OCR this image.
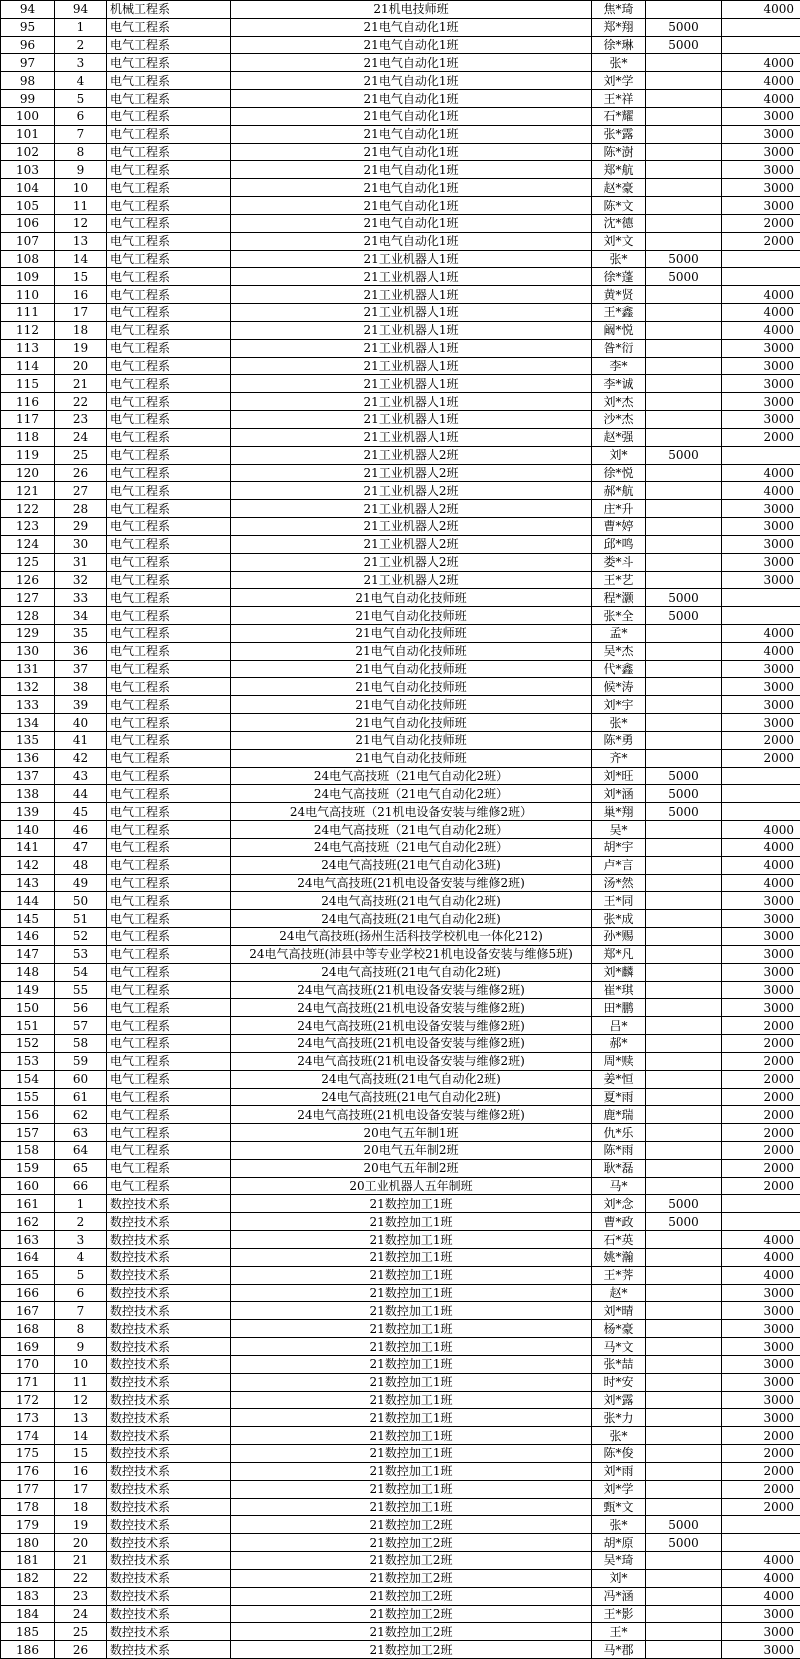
94	94	机械工程系	21机电技师班	焦*琦		4000
95	1	电气工程系	21电气自动化1班	郑*翔	5000	
96	2	电气工程系	21电气自动化1班	徐*琳	5000	
97	3	电气工程系	21电气自动化1班	张*		4000
98	4	电气工程系	21电气自动化1班	刘*学		4000
99	5	电气工程系	21电气自动化1班	王*祥		4000
100	6	电气工程系	21电气自动化1班	石*耀		3000
101	7	电气工程系	21电气自动化1班	张*露		3000
102	8	电气工程系	21电气自动化1班	陈*澍		3000
103	9	电气工程系	21电气自动化1班	郑*航		3000
104	10	电气工程系	21电气自动化1班	赵*豪		3000
105	11	电气工程系	21电气自动化1班	陈*文		3000
106	12	电气工程系	21电气自动化1班	沈*德		2000
107	13	电气工程系	21电气自动化1班	刘*文		2000
108	14	电气工程系	21工业机器人1班	张*	5000	
109	15	电气工程系	21工业机器人1班	徐*蓬	5000	
110	16	电气工程系	21工业机器人1班	黄*贤		4000
111	17	电气工程系	21工业机器人1班	王*鑫		4000
112	18	电气工程系	21工业机器人1班	阚*悦		4000
113	19	电气工程系	21工业机器人1班	昝*衍		3000
114	20	电气工程系	21工业机器人1班	李*		3000
115	21	电气工程系	21工业机器人1班	李*诚		3000
116	22	电气工程系	21工业机器人1班	刘*杰		3000
117	23	电气工程系	21工业机器人1班	沙*杰		3000
118	24	电气工程系	21工业机器人1班	赵*强		2000
119	25	电气工程系	21工业机器人2班	刘*	5000	
120	26	电气工程系	21工业机器人2班	徐*悦		4000
121	27	电气工程系	21工业机器人2班	郝*航		4000
122	28	电气工程系	21工业机器人2班	庄*升		3000
123	29	电气工程系	21工业机器人2班	曹*婷		3000
124	30	电气工程系	21工业机器人2班	邱*鸣		3000
125	31	电气工程系	21工业机器人2班	娄*斗		3000
126	32	电气工程系	21工业机器人2班	王*艺		3000
127	33	电气工程系	21电气自动化技师班	程*灏	5000	
128	34	电气工程系	21电气自动化技师班	张*全	5000	
129	35	电气工程系	21电气自动化技师班	孟*		4000
130	36	电气工程系	21电气自动化技师班	吴*杰		4000
131	37	电气工程系	21电气自动化技师班	代*鑫		3000
132	38	电气工程系	21电气自动化技师班	候*涛		3000
133	39	电气工程系	21电气自动化技师班	刘*宇		3000
134	40	电气工程系	21电气自动化技师班	张*		3000
135	41	电气工程系	21电气自动化技师班	陈*勇		2000
136	42	电气工程系	21电气自动化技师班	齐*		2000
137	43	电气工程系	24电气高技班（21电气自动化2班）	刘*旺	5000	
138	44	电气工程系	24电气高技班（21电气自动化2班）	刘*涵	5000	
139	45	电气工程系	24电气高技班（21机电设备安装与维修2班）	巢*翔	5000	
140	46	电气工程系	24电气高技班（21电气自动化2班）	吴*		4000
141	47	电气工程系	24电气高技班（21电气自动化2班）	胡*宇		4000
142	48	电气工程系	24电气高技班(21电气自动化3班)	卢*言		4000
143	49	电气工程系	24电气高技班(21机电设备安装与维修2班)	汤*然		4000
144	50	电气工程系	24电气高技班(21电气自动化2班)	王*同		3000
145	51	电气工程系	24电气高技班(21电气自动化2班)	张*成		3000
146	52	电气工程系	24电气高技班(扬州生活科技学校机电一体化212)	孙*赐		3000
147	53	电气工程系	24电气高技班(沛县中等专业学校21机电设备安装与维修5班)	郑*凡		3000
148	54	电气工程系	24电气高技班(21电气自动化2班)	刘*麟		3000
149	55	电气工程系	24电气高技班(21机电设备安装与维修2班)	崔*琪		3000
150	56	电气工程系	24电气高技班(21机电设备安装与维修2班)	田*鹏		3000
151	57	电气工程系	24电气高技班(21机电设备安装与维修2班)	吕*		2000
152	58	电气工程系	24电气高技班(21机电设备安装与维修2班)	郝*		2000
153	59	电气工程系	24电气高技班(21机电设备安装与维修2班)	周*赎		2000
154	60	电气工程系	24电气高技班(21电气自动化2班)	姜*恒		2000
155	61	电气工程系	24电气高技班(21电气自动化2班)	夏*雨		2000
156	62	电气工程系	24电气高技班(21机电设备安装与维修2班)	鹿*瑞		2000
157	63	电气工程系	20电气五年制1班	仇*乐		2000
158	64	电气工程系	20电气五年制2班	陈*雨		2000
159	65	电气工程系	20电气五年制2班	耿*磊		2000
160	66	电气工程系	20工业机器人五年制班	马*		2000
161	1	数控技术系	21数控加工1班	刘*念	5000	
162	2	数控技术系	21数控加工1班	曹*政	5000	
163	3	数控技术系	21数控加工1班	石*英		4000
164	4	数控技术系	21数控加工1班	姚*瀚		4000
165	5	数控技术系	21数控加工1班	王*荠		4000
166	6	数控技术系	21数控加工1班	赵*		3000
167	7	数控技术系	21数控加工1班	刘*晴		3000
168	8	数控技术系	21数控加工1班	杨*豪		3000
169	9	数控技术系	21数控加工1班	马*文		3000
170	10	数控技术系	21数控加工1班	张*喆		3000
171	11	数控技术系	21数控加工1班	时*安		3000
172	12	数控技术系	21数控加工1班	刘*露		3000
173	13	数控技术系	21数控加工1班	张*力		3000
174	14	数控技术系	21数控加工1班	张*		2000
175	15	数控技术系	21数控加工1班	陈*俊		2000
176	16	数控技术系	21数控加工1班	刘*雨		2000
177	17	数控技术系	21数控加工1班	刘*学		2000
178	18	数控技术系	21数控加工1班	甄*文		2000
179	19	数控技术系	21数控加工2班	张*	5000	
180	20	数控技术系	21数控加工2班	胡*原	5000	
181	21	数控技术系	21数控加工2班	吴*琦		4000
182	22	数控技术系	21数控加工2班	刘*		4000
183	23	数控技术系	21数控加工2班	冯*涵		4000
184	24	数控技术系	21数控加工2班	王*影		3000
185	25	数控技术系	21数控加工2班	王*		3000
186	26	数控技术系	21数控加工2班	马*郡		3000
